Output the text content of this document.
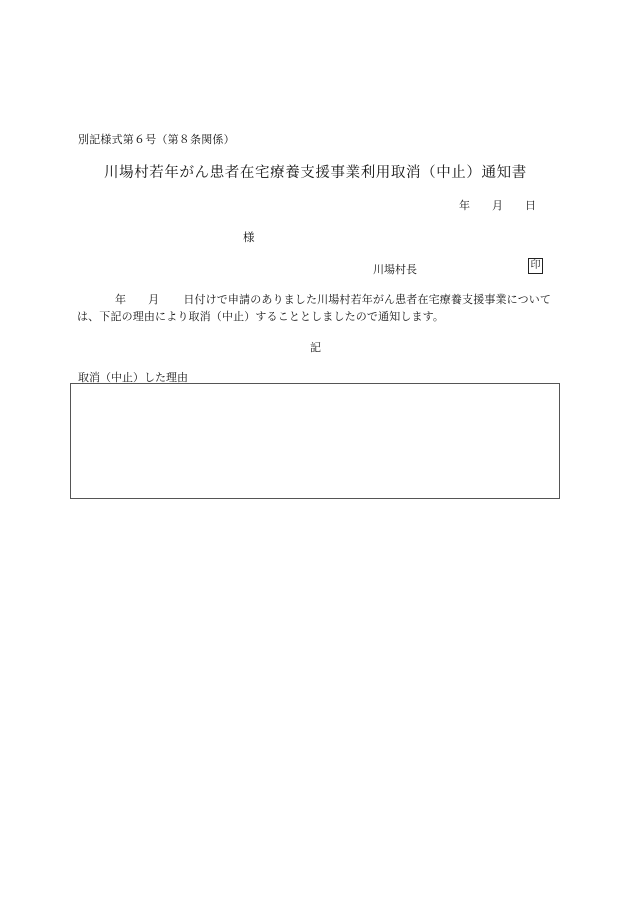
別記様式第６号（第８条関係）
川場村若年がん患者在宅療養支援事業利用取消（中止）通知書
年 月 日
様
川場村長	印
年 月 日付けで申請のありました川場村若年がん患者在宅療養支援事業については、下記の理由により取消（中止）することとしましたので通知します。
記
取消（中止）した理由
